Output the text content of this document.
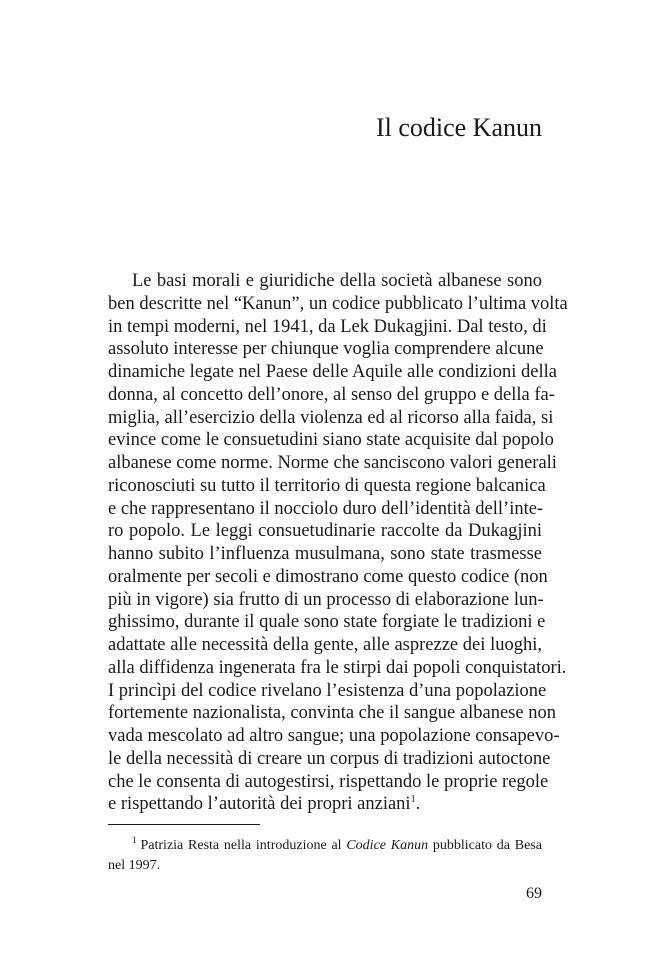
Il codice Kanun
Le basi morali e giuridiche della società albanese sono
ben descritte nel “Kanun”, un codice pubblicato l’ultima volta
in tempi moderni, nel 1941, da Lek Dukagjini. Dal testo, di
assoluto interesse per chiunque voglia comprendere alcune
dinamiche legate nel Paese delle Aquile alle condizioni della
donna, al concetto dell’onore, al senso del gruppo e della fa-
miglia, all’esercizio della violenza ed al ricorso alla faida, si
evince come le consuetudini siano state acquisite dal popolo
albanese come norme. Norme che sanciscono valori generali
riconosciuti su tutto il territorio di questa regione balcanica
e che rappresentano il nocciolo duro dell’identità dell’inte-
ro popolo. Le leggi consuetudinarie raccolte da Dukagjini
hanno subito l’influenza musulmana, sono state trasmesse
oralmente per secoli e dimostrano come questo codice (non
più in vigore) sia frutto di un processo di elaborazione lun-
ghissimo, durante il quale sono state forgiate le tradizioni e
adattate alle necessità della gente, alle asprezze dei luoghi,
alla diffidenza ingenerata fra le stirpi dai popoli conquistatori.
I princìpi del codice rivelano l’esistenza d’una popolazione
fortemente nazionalista, convinta che il sangue albanese non
vada mescolato ad altro sangue; una popolazione consapevo-
le della necessità di creare un corpus di tradizioni autoctone
che le consenta di autogestirsi, rispettando le proprie regole
e rispettando l’autorità dei propri anziani$^1$.
$^1$ Patrizia Resta nella introduzione al Codice Kanun pubblicato da Besa
nel 1997.
69
